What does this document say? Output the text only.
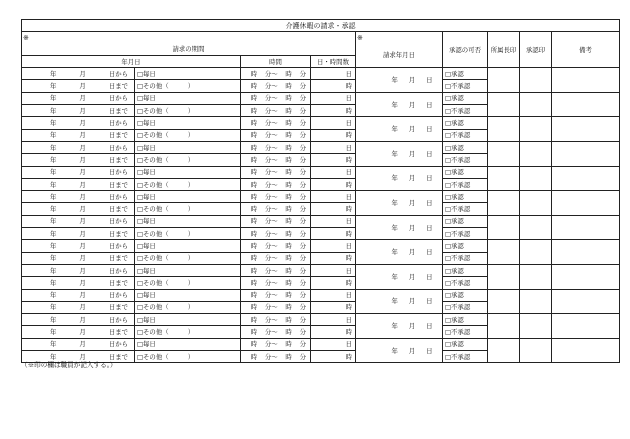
介護休暇の請求・承認								
※				※	承認の可否	所属長印	承認印	備考
請求の期間				請求年月日				
年月日		時間	日・時間数					

年 月 日から	□毎日	時 分〜 時 分	日	年 月 日	□承認			

年 月 日まで	□その他（　　　）	時 分〜 時 分	時		□不承認			

年 月 日から	□毎日	時 分〜 時 分	日	年 月 日	□承認			

年 月 日まで	□その他（　　　）	時 分〜 時 分	時		□不承認			

年 月 日から	□毎日	時 分〜 時 分	日	年 月 日	□承認			

年 月 日まで	□その他（　　　）	時 分〜 時 分	時		□不承認			

年 月 日から	□毎日	時 分〜 時 分	日	年 月 日	□承認			

年 月 日まで	□その他（　　　）	時 分〜 時 分	時		□不承認			

年 月 日から	□毎日	時 分〜 時 分	日	年 月 日	□承認			

年 月 日まで	□その他（　　　）	時 分〜 時 分	時		□不承認			

年 月 日から	□毎日	時 分〜 時 分	日	年 月 日	□承認			

年 月 日まで	□その他（　　　）	時 分〜 時 分	時		□不承認			

年 月 日から	□毎日	時 分〜 時 分	日	年 月 日	□承認			

年 月 日まで	□その他（　　　）	時 分〜 時 分	時		□不承認			

年 月 日から	□毎日	時 分〜 時 分	日	年 月 日	□承認			

年 月 日まで	□その他（　　　）	時 分〜 時 分	時		□不承認			

年 月 日から	□毎日	時 分〜 時 分	日	年 月 日	□承認			

年 月 日まで	□その他（　　　）	時 分〜 時 分	時		□不承認			

年 月 日から	□毎日	時 分〜 時 分	日	年 月 日	□承認			

年 月 日まで	□その他（　　　）	時 分〜 時 分	時		□不承認			

年 月 日から	□毎日	時 分〜 時 分	日	年 月 日	□承認			

年 月 日まで	□その他（　　　）	時 分〜 時 分	時		□不承認			

年 月 日から	□毎日	時 分〜 時 分	日	年 月 日	□承認			

年 月 日まで	□その他（　　　）	時 分〜 時 分	時		□不承認			
（※印の欄は職員が記入する。）
